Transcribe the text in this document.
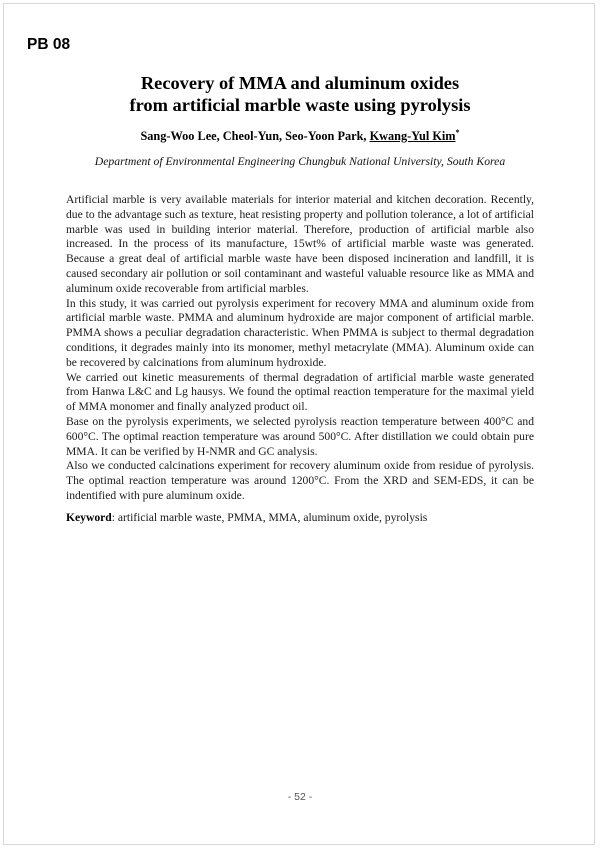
PB 08
Recovery of MMA and aluminum oxides
from artificial marble waste using pyrolysis
Sang-Woo Lee, Cheol-Yun, Seo-Yoon Park, Kwang-Yul Kim*
Department of Environmental Engineering Chungbuk National University, South Korea

Artificial marble is very available materials for interior material and kitchen decoration. Recently, due to the advantage such as texture, heat resisting property and pollution tolerance, a lot of artificial marble was used in building interior material. Therefore, production of artificial marble also increased. In the process of its manufacture, 15wt% of artificial marble waste was generated. Because a great deal of artificial marble waste have been disposed incineration and landfill, it is caused secondary air pollution or soil contaminant and wasteful valuable resource like as MMA and aluminum oxide recoverable from artificial marbles.

In this study, it was carried out pyrolysis experiment for recovery MMA and aluminum oxide from artificial marble waste. PMMA and aluminum hydroxide are major component of artificial marble. PMMA shows a peculiar degradation characteristic. When PMMA is subject to thermal degradation conditions, it degrades mainly into its monomer, methyl metacrylate (MMA). Aluminum oxide can be recovered by calcinations from aluminum hydroxide.

We carried out kinetic measurements of thermal degradation of artificial marble waste generated from Hanwa L&C and Lg hausys. We found the optimal reaction temperature for the maximal yield of MMA monomer and finally analyzed product oil.

Base on the pyrolysis experiments, we selected pyrolysis reaction temperature between 400°C and 600°C. The optimal reaction temperature was around 500°C. After distillation we could obtain pure MMA. It can be verified by H-NMR and GC analysis.

Also we conducted calcinations experiment for recovery aluminum oxide from residue of pyrolysis. The optimal reaction temperature was around 1200°C. From the XRD and SEM-EDS, it can be indentified with pure aluminum oxide.

Keyword: artificial marble waste, PMMA, MMA, aluminum oxide, pyrolysis
- 52 -
